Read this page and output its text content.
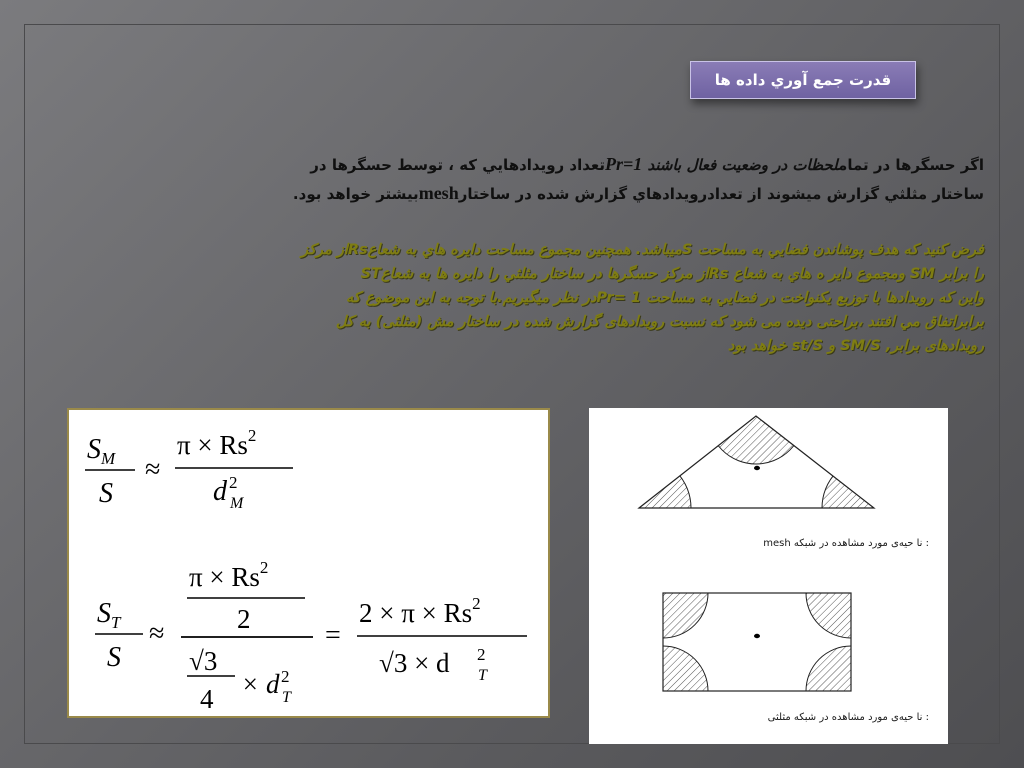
قدرت جمع آوري داده ها
اگر حسگرها در تماملحظات در وضعیت فعال باشند Pr=1تعداد رویدادهايي كه ، توسط حسگرها در
ساختار مثلثي گزارش میشوند از تعدادرویدادهاي گزارش شده در ساختارmeshبیشتر خواهد بود.
فرض كنید كه هدف پوشاندن فضايي به مساحت Sمیباشد. همچنین مجموع مساحت دايره هاي به شعاعRsاز مركز
را برابر SM ومجموع داير ه هاي به شعاع Rsاز مركز حسگرها در ساختار مثلثي را دايره ها به شعاعST
واين كه رويدادها با توزيع يكنواخت در فضايي به مساحت 1 =Prدر نظر ميگيريم.با توجه به اين موضوع كه
برابراتفاق مي افتند ،براحتی دیده می شود که نسبت رویدادهای گزارش شده در ساختار مش (مثلثی) به کل
رویدادهای برابر, SM/S و st/S خواهد بود
$S_M$
S
≈
$\pi \times Rs^2$
d 2
M
$S_T$
S
≈
$\pi \times Rs^2$
2
√3
4 × d 2
T
=
$2 \times \pi \times Rs^2$
√3 × d 2
T
: نا حیه‌ی مورد مشاهده در شبکه mesh
: نا حیه‌ی مورد مشاهده در شبکه مثلثی
